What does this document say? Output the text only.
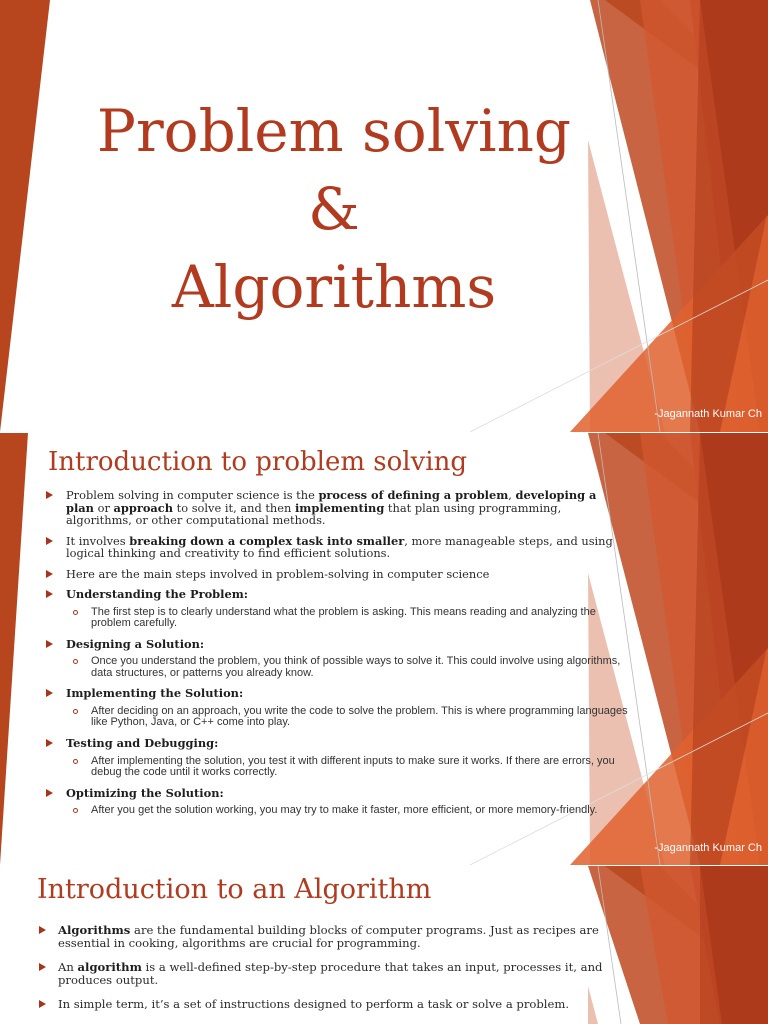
Problem solving
&
Algorithms
-Jagannath Kumar Ch
Introduction to problem solving
Problem solving in computer science is the process of defining a problem, developing a plan or approach to solve it, and then implementing that plan using programming, algorithms, or other computational methods.
It involves breaking down a complex task into smaller, more manageable steps, and using logical thinking and creativity to find efficient solutions.
Here are the main steps involved in problem-solving in computer science
Understanding the Problem:
The first step is to clearly understand what the problem is asking. This means reading and analyzing the problem carefully.
Designing a Solution:
Once you understand the problem, you think of possible ways to solve it. This could involve using algorithms, data structures, or patterns you already know.
Implementing the Solution:
After deciding on an approach, you write the code to solve the problem. This is where programming languages like Python, Java, or C++ come into play.
Testing and Debugging:
After implementing the solution, you test it with different inputs to make sure it works. If there are errors, you debug the code until it works correctly.
Optimizing the Solution:
After you get the solution working, you may try to make it faster, more efficient, or more memory-friendly.
-Jagannath Kumar Ch
Introduction to an Algorithm
Algorithms are the fundamental building blocks of computer programs. Just as recipes are essential in cooking, algorithms are crucial for programming.
An algorithm is a well-defined step-by-step procedure that takes an input, processes it, and produces output.
In simple term, it’s a set of instructions designed to perform a task or solve a problem.
